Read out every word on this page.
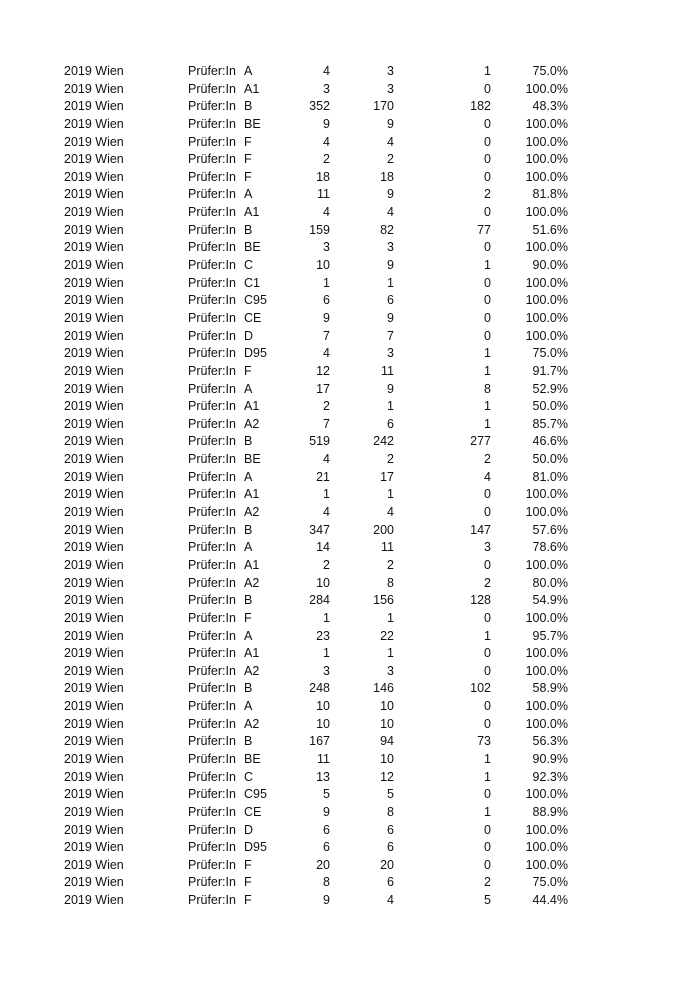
2019 Wien	Prüfer:In A	4	3	1	75.0%
2019 Wien	Prüfer:In A1	3	3	0	100.0%
2019 Wien	Prüfer:In B	352	170	182	48.3%
2019 Wien	Prüfer:In BE	9	9	0	100.0%
2019 Wien	Prüfer:In F	4	4	0	100.0%
2019 Wien	Prüfer:In F	2	2	0	100.0%
2019 Wien	Prüfer:In F	18	18	0	100.0%
2019 Wien	Prüfer:In A	11	9	2	81.8%
2019 Wien	Prüfer:In A1	4	4	0	100.0%
2019 Wien	Prüfer:In B	159	82	77	51.6%
2019 Wien	Prüfer:In BE	3	3	0	100.0%
2019 Wien	Prüfer:In C	10	9	1	90.0%
2019 Wien	Prüfer:In C1	1	1	0	100.0%
2019 Wien	Prüfer:In C95	6	6	0	100.0%
2019 Wien	Prüfer:In CE	9	9	0	100.0%
2019 Wien	Prüfer:In D	7	7	0	100.0%
2019 Wien	Prüfer:In D95	4	3	1	75.0%
2019 Wien	Prüfer:In F	12	11	1	91.7%
2019 Wien	Prüfer:In A	17	9	8	52.9%
2019 Wien	Prüfer:In A1	2	1	1	50.0%
2019 Wien	Prüfer:In A2	7	6	1	85.7%
2019 Wien	Prüfer:In B	519	242	277	46.6%
2019 Wien	Prüfer:In BE	4	2	2	50.0%
2019 Wien	Prüfer:In A	21	17	4	81.0%
2019 Wien	Prüfer:In A1	1	1	0	100.0%
2019 Wien	Prüfer:In A2	4	4	0	100.0%
2019 Wien	Prüfer:In B	347	200	147	57.6%
2019 Wien	Prüfer:In A	14	11	3	78.6%
2019 Wien	Prüfer:In A1	2	2	0	100.0%
2019 Wien	Prüfer:In A2	10	8	2	80.0%
2019 Wien	Prüfer:In B	284	156	128	54.9%
2019 Wien	Prüfer:In F	1	1	0	100.0%
2019 Wien	Prüfer:In A	23	22	1	95.7%
2019 Wien	Prüfer:In A1	1	1	0	100.0%
2019 Wien	Prüfer:In A2	3	3	0	100.0%
2019 Wien	Prüfer:In B	248	146	102	58.9%
2019 Wien	Prüfer:In A	10	10	0	100.0%
2019 Wien	Prüfer:In A2	10	10	0	100.0%
2019 Wien	Prüfer:In B	167	94	73	56.3%
2019 Wien	Prüfer:In BE	11	10	1	90.9%
2019 Wien	Prüfer:In C	13	12	1	92.3%
2019 Wien	Prüfer:In C95	5	5	0	100.0%
2019 Wien	Prüfer:In CE	9	8	1	88.9%
2019 Wien	Prüfer:In D	6	6	0	100.0%
2019 Wien	Prüfer:In D95	6	6	0	100.0%
2019 Wien	Prüfer:In F	20	20	0	100.0%
2019 Wien	Prüfer:In F	8	6	2	75.0%
2019 Wien	Prüfer:In F	9	4	5	44.4%
